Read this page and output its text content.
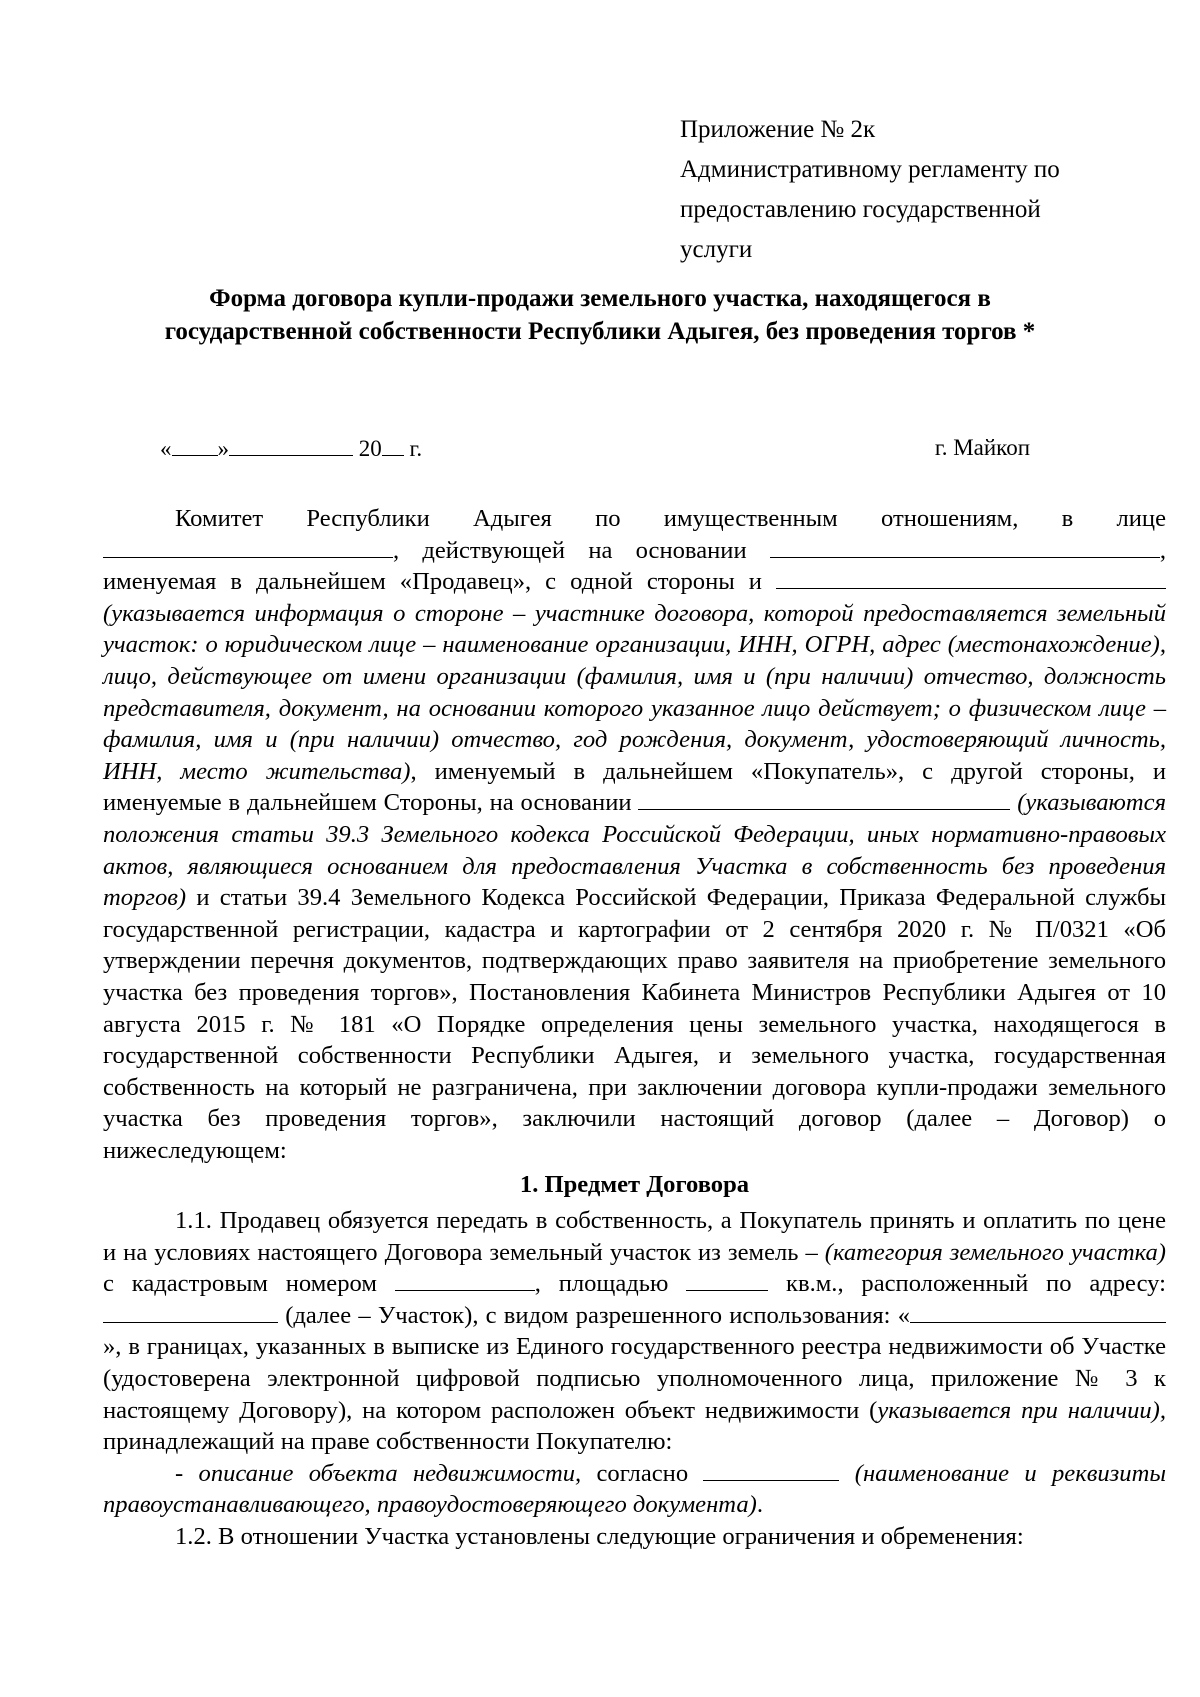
Приложение № 2к
Административному регламенту по
предоставлению государственной
услуги
Форма договора купли-продажи земельного участка, находящегося в
государственной собственности Республики Адыгея, без проведения торгов *
« »	20 г.	г. Майкоп

Комитет Республики Адыгея по имущественным отношениям, в лице , действующей на основании	, именуемая в дальнейшем «Продавец», с одной стороны и  (указывается информация о стороне – участнике договора, которой предоставляется земельный участок: о юридическом лице – наименование организации, ИНН, ОГРН, адрес (местонахождение), лицо, действующее от имени организации (фамилия, имя и (при наличии) отчество, должность представителя, документ, на основании которого указанное лицо действует; о физическом лице – фамилия, имя и (при наличии) отчество, год рождения, документ, удостоверяющий личность, ИНН, место жительства), именуемый в дальнейшем «Покупатель», с другой стороны, и именуемые в дальнейшем Стороны, на основании	(указываются положения статьи 39.3 Земельного кодекса Российской Федерации, иных нормативно-правовых актов, являющиеся основанием для предоставления Участка в собственность без проведения торгов) и статьи 39.4 Земельного Кодекса Российской Федерации, Приказа Федеральной службы государственной регистрации, кадастра и картографии от 2 сентября 2020 г. № П/0321 «Об утверждении перечня документов, подтверждающих право заявителя на приобретение земельного участка без проведения торгов», Постановления Кабинета Министров Республики Адыгея от 10 августа 2015 г. № 181 «О Порядке определения цены земельного участка, находящегося в государственной собственности Республики Адыгея, и земельного участка, государственная собственность на который не разграничена, при заключении договора купли-продажи земельного участка без проведения торгов», заключили настоящий договор (далее – Договор) о нижеследующем:

1. Предмет Договора

1.1. Продавец обязуется передать в собственность, а Покупатель принять и оплатить по цене и на условиях настоящего Договора земельный участок из земель – (категория земельного участка) с кадастровым номером	, площадью	кв.м., расположенный по адресу:  (далее – Участок), с видом разрешенного использования: «», в границах, указанных в выписке из Единого государственного реестра недвижимости об Участке (удостоверена электронной цифровой подписью уполномоченного лица, приложение № 3 к настоящему Договору), на котором расположен объект недвижимости (указывается при наличии), принадлежащий на праве собственности Покупателю:

- описание объекта недвижимости, согласно	(наименование и реквизиты правоустанавливающего, правоудостоверяющего документа).

1.2. В отношении Участка установлены следующие ограничения и обременения:
